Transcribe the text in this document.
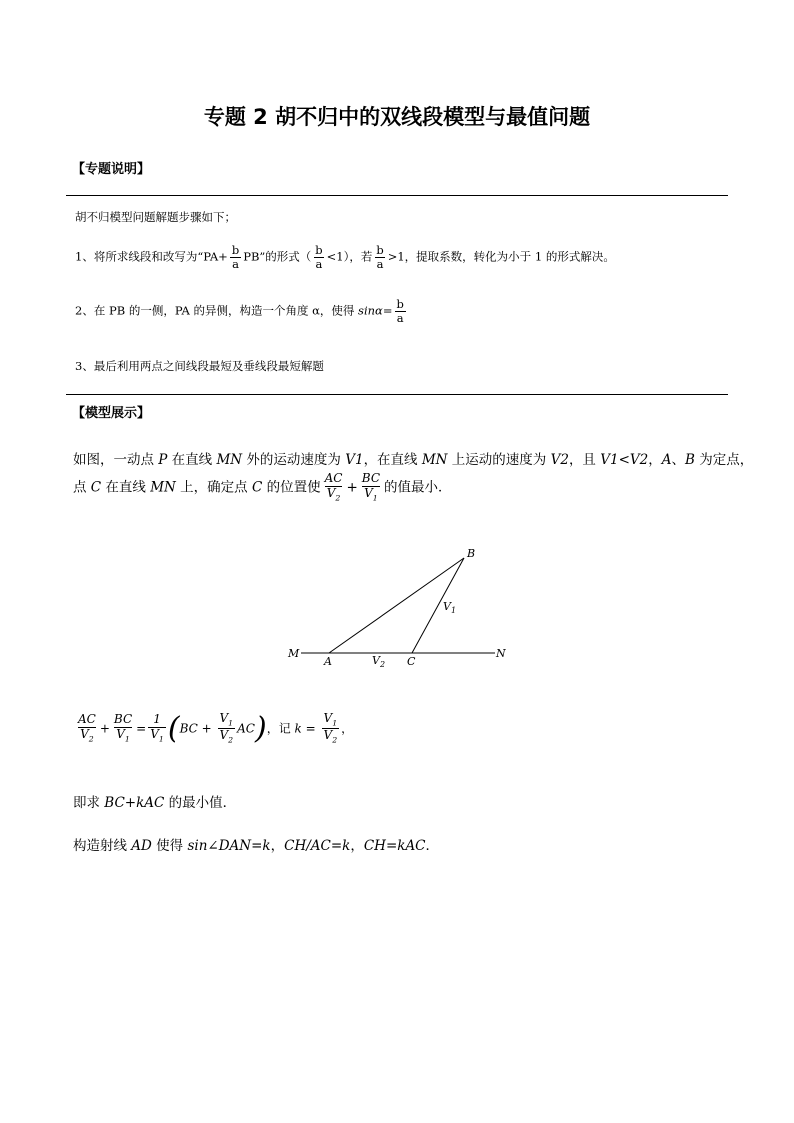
专题 2 胡不归中的双线段模型与最值问题
【专题说明】
胡不归模型问题解题步骤如下；
1、将所求线段和改写为“$PA+ \frac{b}{a}$ PB”的形式（ $\frac{b}{a} <1$），若 $\frac{b}{a} >1$，提取系数，转化为小于 1 的形式解决。
2、在 PB 的一侧，PA 的异侧，构造一个角度 α，使得 $\sin\alpha= \frac{b}{a}$
3、最后利用两点之间线段最短及垂线段最短解题
【模型展示】
如图，一动点 P 在直线 MN 外的运动速度为 V1，在直线 MN 上运动的速度为 V2，且 V1<V2，A、B 为定点，
点 C 在直线 MN 上，确定点 C 的位置使 $\frac{AC}{V_2} + \frac{BC}{V_1}$ 的值最小．
M	N
A
B
C
$V_1$
$V_2$
$\frac{AC}{V_2} + \frac{BC}{V_1} = \frac{1}{V_1} (BC + \frac{V_1}{V_2} AC)$，记 $k = \frac{V_1}{V_2}$ ，
即求 BC+kAC 的最小值．
构造射线 AD 使得 sin∠DAN=k，CH/AC=k，CH=kAC．
